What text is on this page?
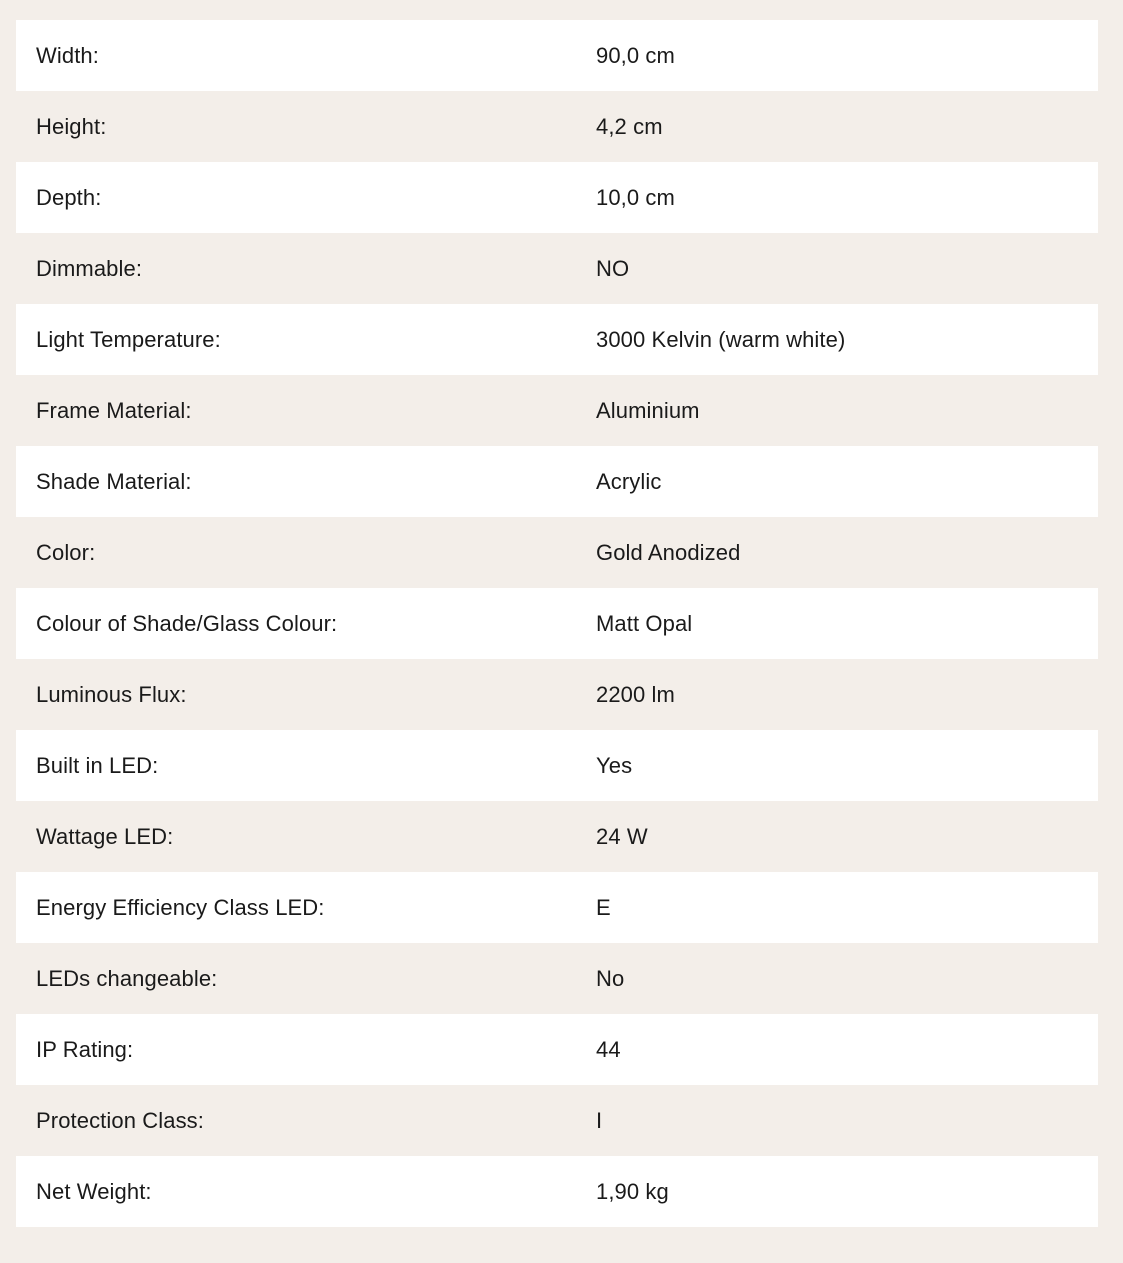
Width:	90,0 cm
Height:	4,2 cm
Depth:	10,0 cm
Dimmable:	NO
Light Temperature:	3000 Kelvin (warm white)
Frame Material:	Aluminium
Shade Material:	Acrylic
Color:	Gold Anodized
Colour of Shade/Glass Colour:	Matt Opal
Luminous Flux:	2200 lm
Built in LED:	Yes
Wattage LED:	24 W
Energy Efficiency Class LED:	E
LEDs changeable:	No
IP Rating:	44
Protection Class:	I
Net Weight:	1,90 kg
